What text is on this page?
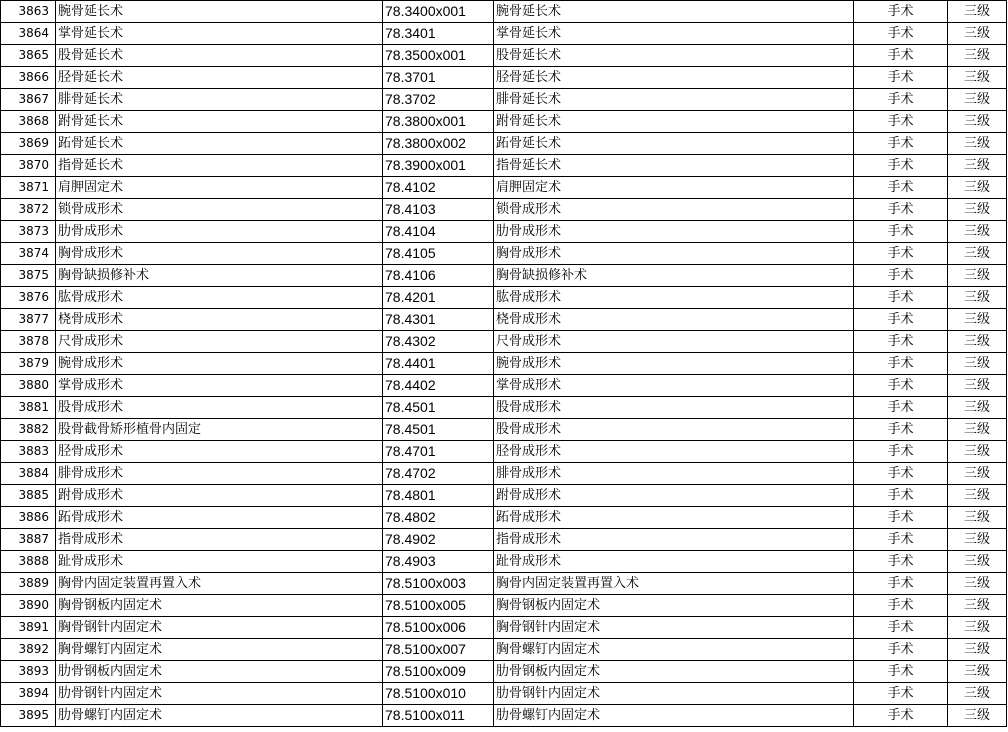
3863	腕骨延长术	78.3400x001	腕骨延长术	手术	三级
3864	掌骨延长术	78.3401	掌骨延长术	手术	三级
3865	股骨延长术	78.3500x001	股骨延长术	手术	三级
3866	胫骨延长术	78.3701	胫骨延长术	手术	三级
3867	腓骨延长术	78.3702	腓骨延长术	手术	三级
3868	跗骨延长术	78.3800x001	跗骨延长术	手术	三级
3869	跖骨延长术	78.3800x002	跖骨延长术	手术	三级
3870	指骨延长术	78.3900x001	指骨延长术	手术	三级
3871	肩胛固定术	78.4102	肩胛固定术	手术	三级
3872	锁骨成形术	78.4103	锁骨成形术	手术	三级
3873	肋骨成形术	78.4104	肋骨成形术	手术	三级
3874	胸骨成形术	78.4105	胸骨成形术	手术	三级
3875	胸骨缺损修补术	78.4106	胸骨缺损修补术	手术	三级
3876	肱骨成形术	78.4201	肱骨成形术	手术	三级
3877	桡骨成形术	78.4301	桡骨成形术	手术	三级
3878	尺骨成形术	78.4302	尺骨成形术	手术	三级
3879	腕骨成形术	78.4401	腕骨成形术	手术	三级
3880	掌骨成形术	78.4402	掌骨成形术	手术	三级
3881	股骨成形术	78.4501	股骨成形术	手术	三级
3882	股骨截骨矫形植骨内固定	78.4501	股骨成形术	手术	三级
3883	胫骨成形术	78.4701	胫骨成形术	手术	三级
3884	腓骨成形术	78.4702	腓骨成形术	手术	三级
3885	跗骨成形术	78.4801	跗骨成形术	手术	三级
3886	跖骨成形术	78.4802	跖骨成形术	手术	三级
3887	指骨成形术	78.4902	指骨成形术	手术	三级
3888	趾骨成形术	78.4903	趾骨成形术	手术	三级
3889	胸骨内固定装置再置入术	78.5100x003	胸骨内固定装置再置入术	手术	三级
3890	胸骨钢板内固定术	78.5100x005	胸骨钢板内固定术	手术	三级
3891	胸骨钢针内固定术	78.5100x006	胸骨钢针内固定术	手术	三级
3892	胸骨螺钉内固定术	78.5100x007	胸骨螺钉内固定术	手术	三级
3893	肋骨钢板内固定术	78.5100x009	肋骨钢板内固定术	手术	三级
3894	肋骨钢针内固定术	78.5100x010	肋骨钢针内固定术	手术	三级
3895	肋骨螺钉内固定术	78.5100x011	肋骨螺钉内固定术	手术	三级
